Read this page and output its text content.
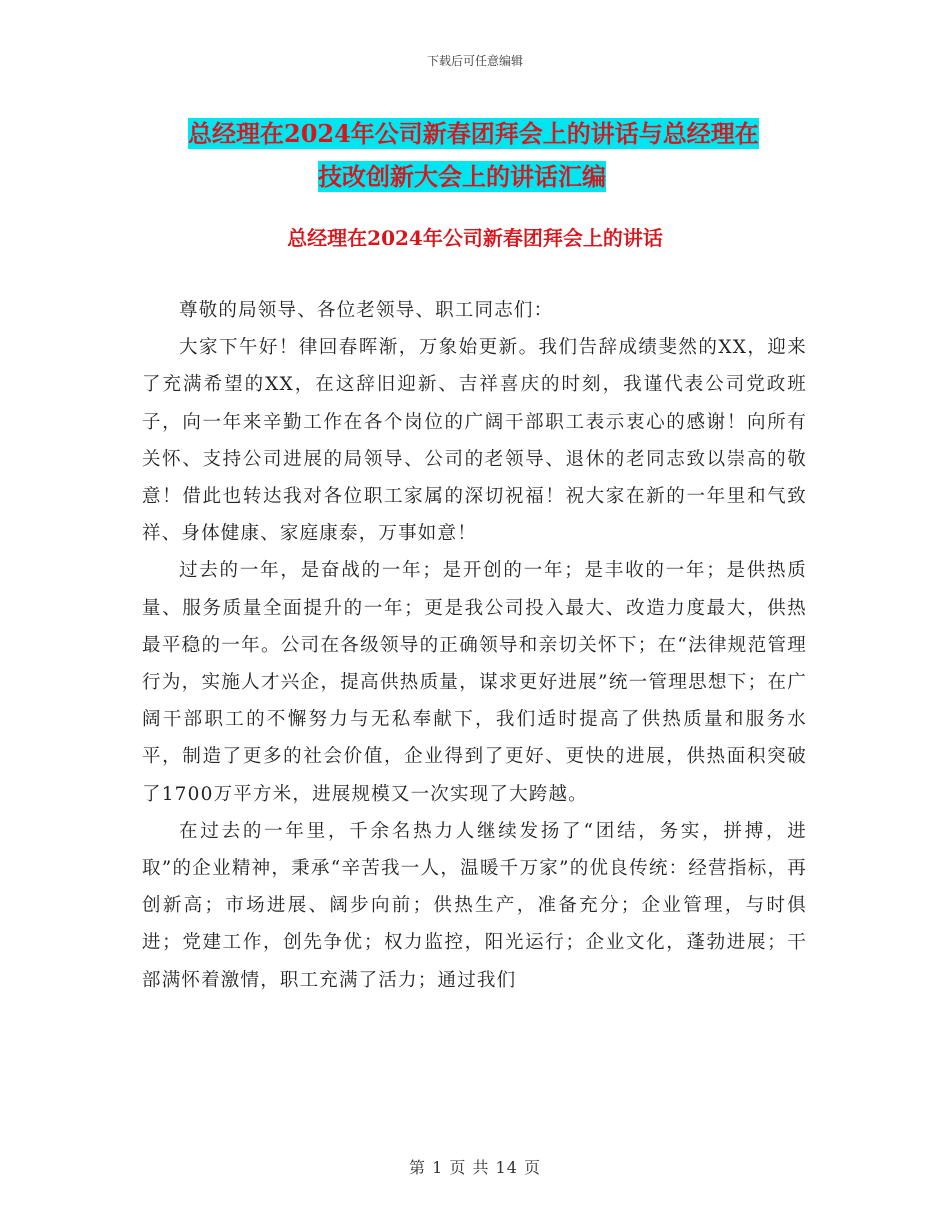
下载后可任意编辑
总经理在2024年公司新春团拜会上的讲话与总经理在
技改创新大会上的讲话汇编
总经理在2024年公司新春团拜会上的讲话

尊敬的局领导、各位老领导、职工同志们：

大家下午好！律回春晖渐，万象始更新。我们告辞成绩斐然的XX，迎来了充满希望的XX，在这辞旧迎新、吉祥喜庆的时刻，我谨代表公司党政班子，向一年来辛勤工作在各个岗位的广阔干部职工表示衷心的感谢！向所有关怀、支持公司进展的局领导、公司的老领导、退休的老同志致以崇高的敬意！借此也转达我对各位职工家属的深切祝福！祝大家在新的一年里和气致祥、身体健康、家庭康泰，万事如意！

过去的一年，是奋战的一年；是开创的一年；是丰收的一年；是供热质量、服务质量全面提升的一年；更是我公司投入最大、改造力度最大，供热最平稳的一年。公司在各级领导的正确领导和亲切关怀下；在“法律规范管理行为，实施人才兴企，提高供热质量，谋求更好进展”统一管理思想下；在广阔干部职工的不懈努力与无私奉献下，我们适时提高了供热质量和服务水平，制造了更多的社会价值，企业得到了更好、更快的进展，供热面积突破了1700万平方米，进展规模又一次实现了大跨越。

在过去的一年里，千余名热力人继续发扬了“团结，务实，拼搏，进取”的企业精神，秉承“辛苦我一人，温暖千万家”的优良传统：经营指标，再创新高；市场进展、阔步向前；供热生产，准备充分；企业管理，与时俱进；党建工作，创先争优；权力监控，阳光运行；企业文化，蓬勃进展；干部满怀着激情，职工充满了活力；通过我们

第 1 页 共 14 页
